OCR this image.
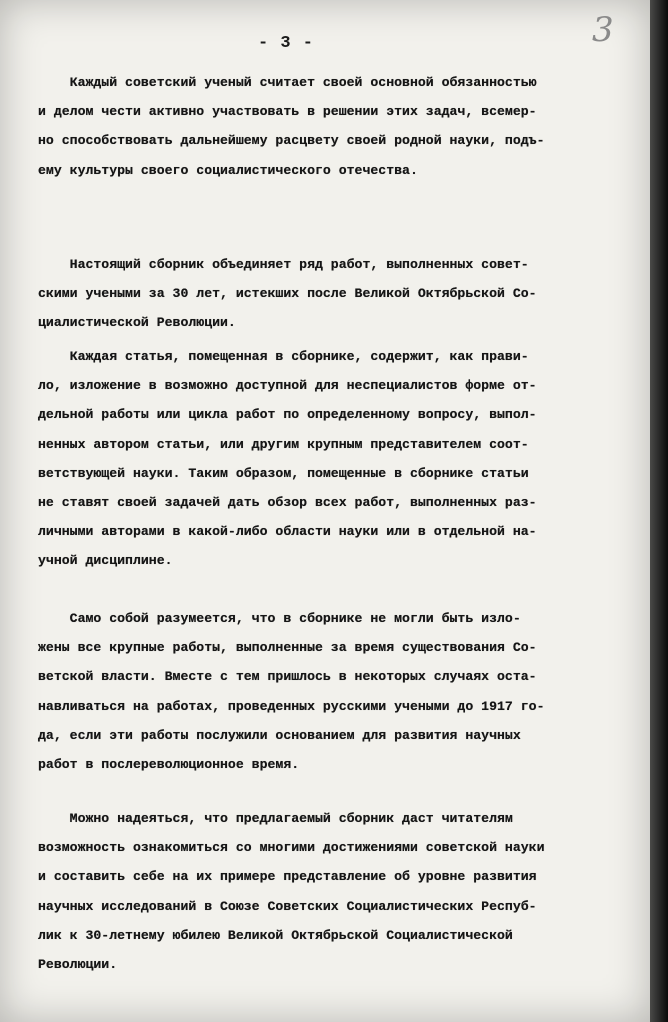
- 3 -	3

Каждый советский ученый считает своей основной обязанностью
и делом чести активно участвовать в решении этих задач, всемер-
но способствовать дальнейшему расцвету своей родной науки, подъ-
ему культуры своего социалистического отечества.

Настоящий сборник объединяет ряд работ, выполненных совет-
скими учеными за 30 лет, истекших после Великой Октябрьской Со-
циалистической Революции.

Каждая статья, помещенная в сборнике, содержит, как прави-
ло, изложение в возможно доступной для неспециалистов форме от-
дельной работы или цикла работ по определенному вопросу, выпол-
ненных автором статьи, или другим крупным представителем соот-
ветствующей науки. Таким образом, помещенные в сборнике статьи
не ставят своей задачей дать обзор всех работ, выполненных раз-
личными авторами в какой-либо области науки или в отдельной на-
учной дисциплине.

Само собой разумеется, что в сборнике не могли быть изло-
жены все крупные работы, выполненные за время существования Со-
ветской власти. Вместе с тем пришлось в некоторых случаях оста-
навливаться на работах, проведенных русскими учеными до 1917 го-
да, если эти работы послужили основанием для развития научных
работ в послереволюционное время.

Можно надеяться, что предлагаемый сборник даст читателям
возможность ознакомиться со многими достижениями советской науки
и составить себе на их примере представление об уровне развития
научных исследований в Союзе Советских Социалистических Респуб-
лик к 30-летнему юбилею Великой Октябрьской Социалистической
Революции.
